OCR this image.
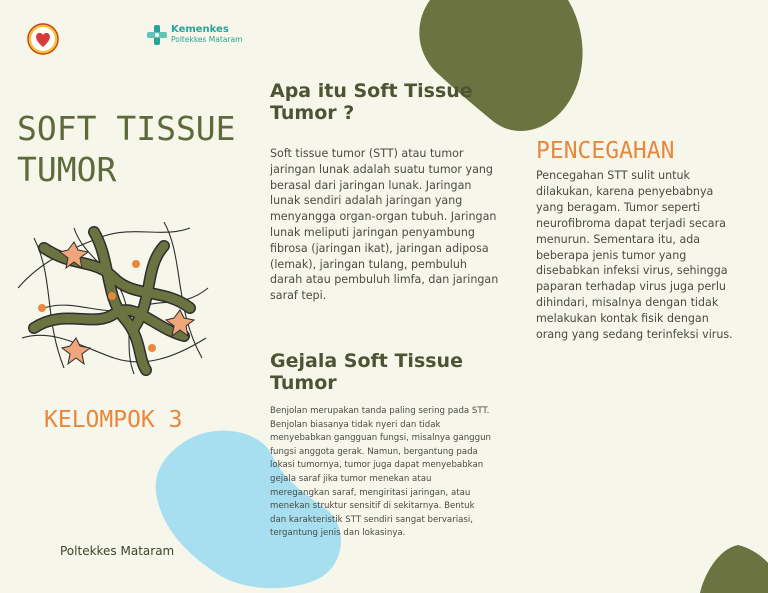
Kemenkes
Poltekkes Mataram
SOFT TISSUE TUMOR
KELOMPOK 3
Poltekkes Mataram
Apa itu Soft Tissue Tumor ?
Soft tissue tumor (STT) atau tumor jaringan lunak adalah suatu tumor yang berasal dari jaringan lunak. Jaringan lunak sendiri adalah jaringan yang menyangga organ-organ tubuh. Jaringan lunak meliputi jaringan penyambung fibrosa (jaringan ikat), jaringan adiposa (lemak), jaringan tulang, pembuluh darah atau pembuluh limfa, dan jaringan saraf tepi.
Gejala Soft Tissue Tumor
Benjolan merupakan tanda paling sering pada STT. Benjolan biasanya tidak nyeri dan tidak menyebabkan gangguan fungsi, misalnya ganggun fungsi anggota gerak. Namun, bergantung pada lokasi tumornya, tumor juga dapat menyebabkan gejala saraf jika tumor menekan atau meregangkan saraf, mengiritasi jaringan, atau menekan struktur sensitif di sekitarnya. Bentuk dan karakteristik STT sendiri sangat bervariasi, tergantung jenis dan lokasinya.
PENCEGAHAN
Pencegahan STT sulit untuk dilakukan, karena penyebabnya yang beragam. Tumor seperti neurofibroma dapat terjadi secara menurun. Sementara itu, ada beberapa jenis tumor yang disebabkan infeksi virus, sehingga paparan terhadap virus juga perlu dihindari, misalnya dengan tidak melakukan kontak fisik dengan orang yang sedang terinfeksi virus.
